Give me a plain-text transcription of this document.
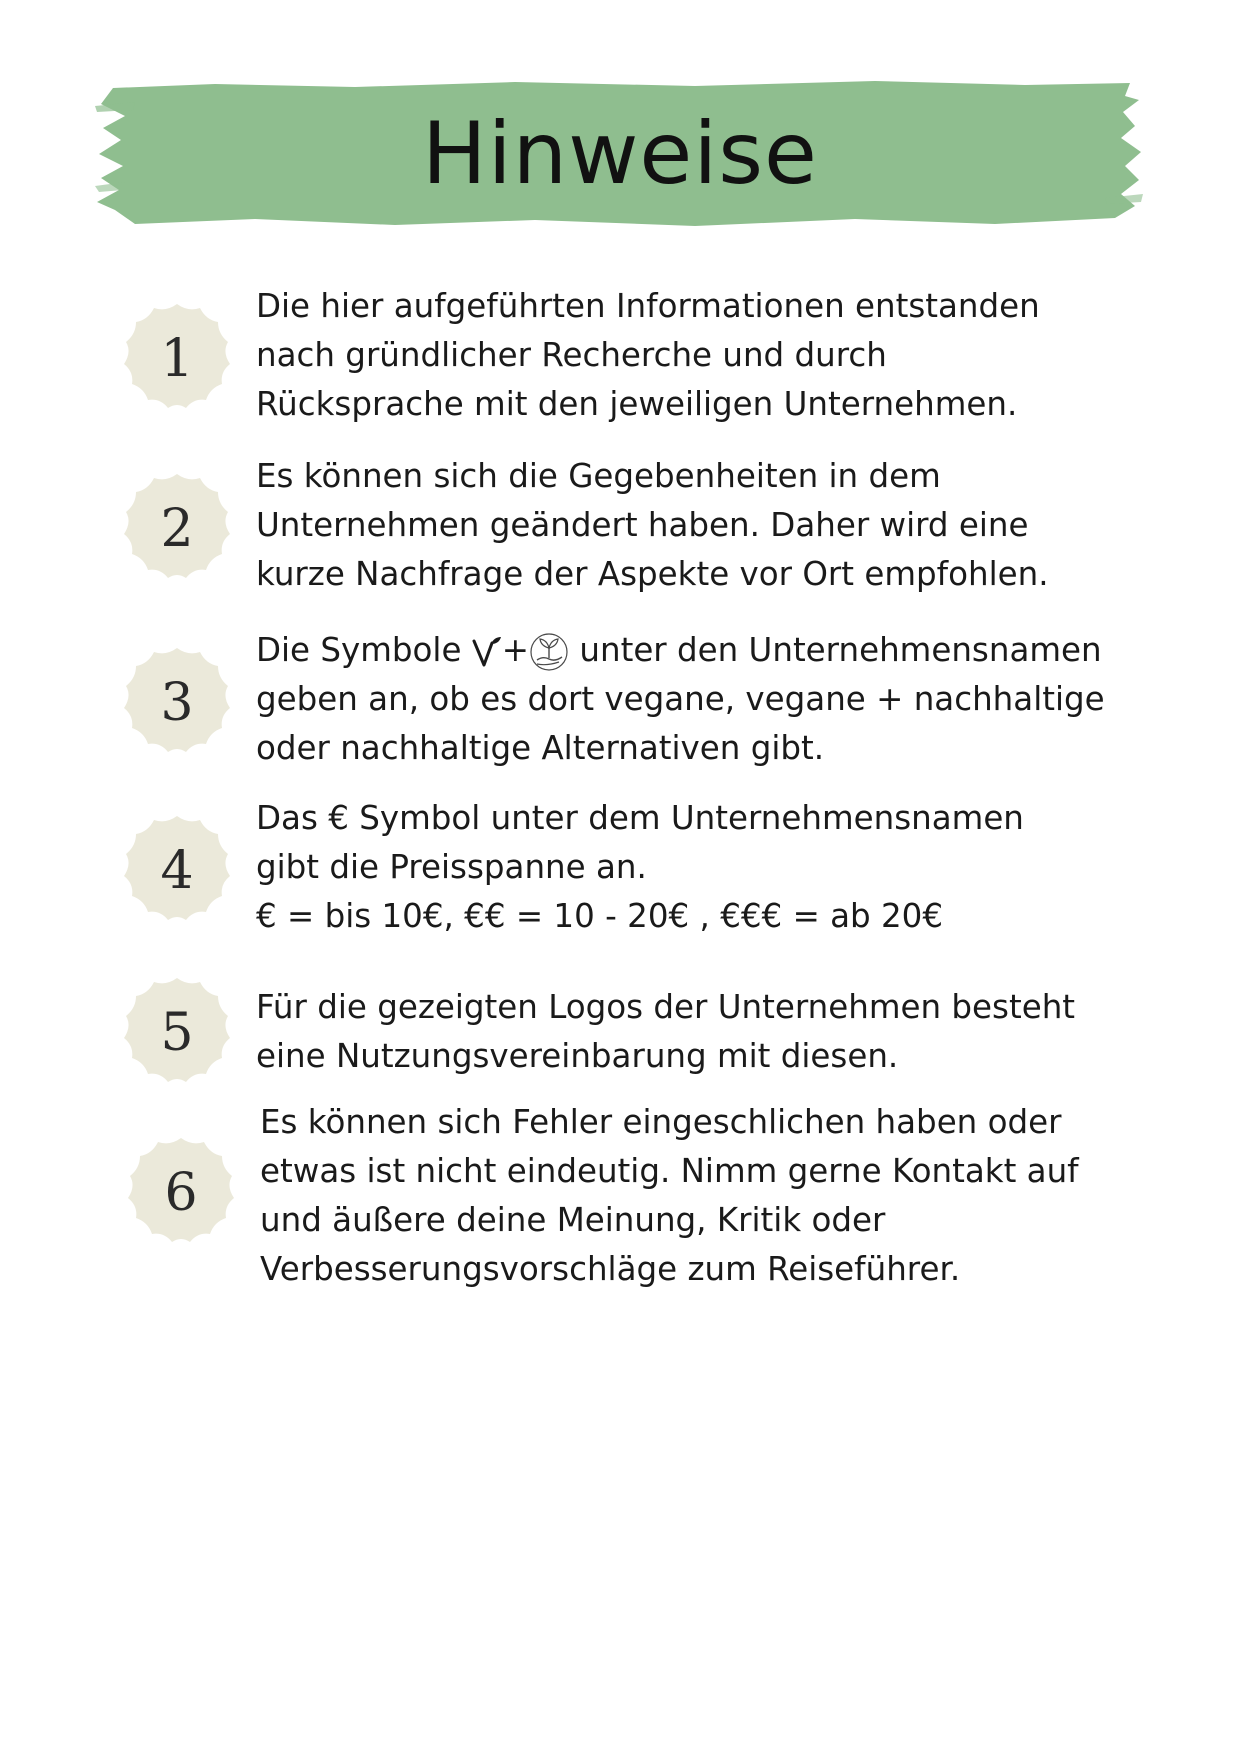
Hinweise
1
Die hier aufgeführten Informationen entstanden
nach gründlicher Recherche und durch
Rücksprache mit den jeweiligen Unternehmen.
2
Es können sich die Gegebenheiten in dem
Unternehmen geändert haben. Daher wird eine
kurze Nachfrage der Aspekte vor Ort empfohlen.
3
Die Symbole + unter den Unternehmensnamen
geben an, ob es dort vegane, vegane + nachhaltige
oder nachhaltige Alternativen gibt.
4
Das € Symbol unter dem Unternehmensnamen
gibt die Preisspanne an.
€ = bis 10€, €€ = 10 - 20€ , €€€ = ab 20€
5	Für die gezeigten Logos der Unternehmen besteht
eine Nutzungsvereinbarung mit diesen.
6
Es können sich Fehler eingeschlichen haben oder
etwas ist nicht eindeutig. Nimm gerne Kontakt auf
und äußere deine Meinung, Kritik oder
Verbesserungsvorschläge zum Reiseführer.
